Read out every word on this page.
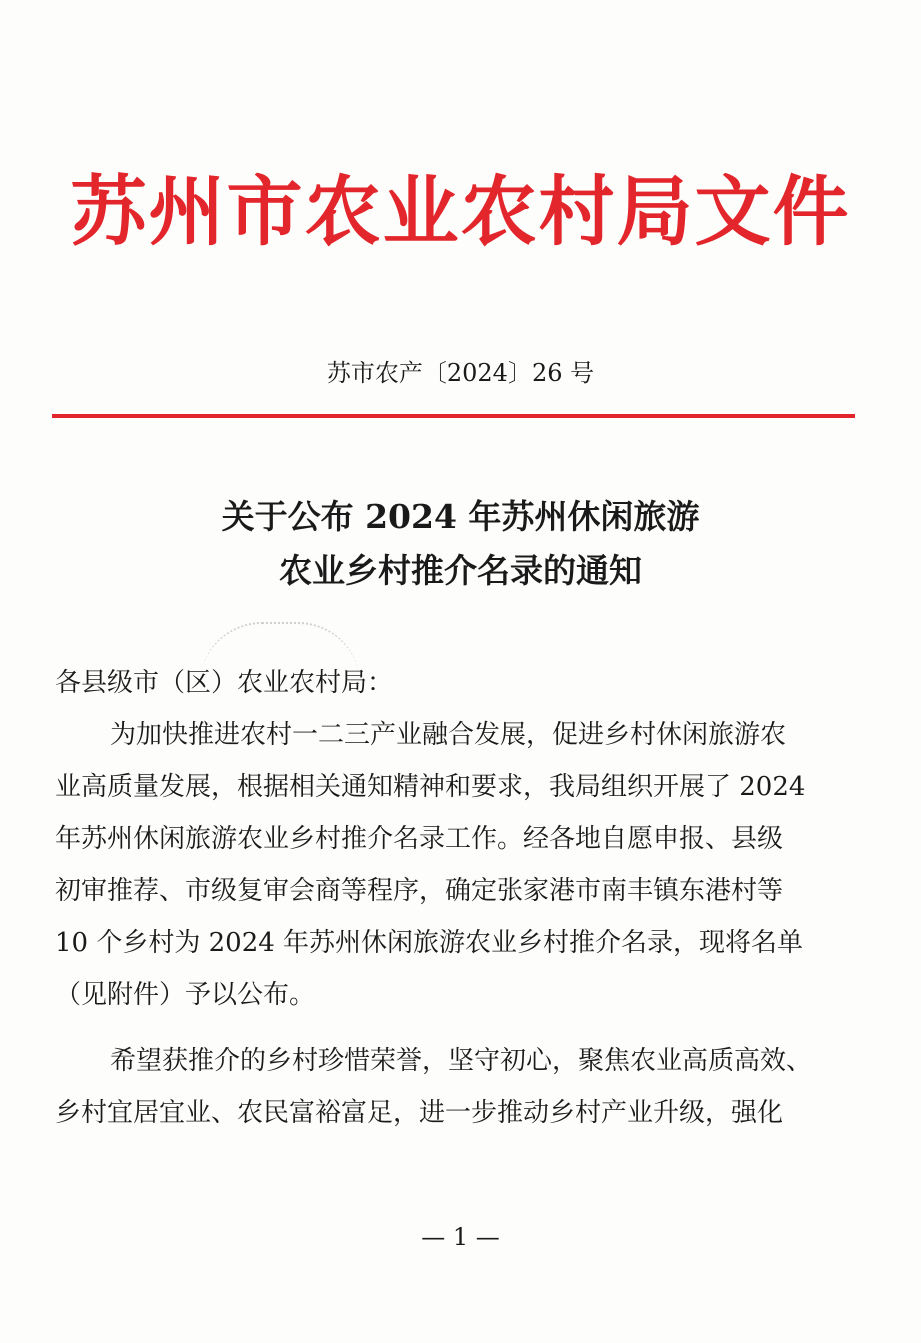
苏州市农业农村局文件
苏市农产〔2024〕26 号
关于公布 2024 年苏州休闲旅游
农业乡村推介名录的通知
各县级市（区）农业农村局：
为加快推进农村一二三产业融合发展，促进乡村休闲旅游农
业高质量发展，根据相关通知精神和要求，我局组织开展了 2024
年苏州休闲旅游农业乡村推介名录工作。经各地自愿申报、县级
初审推荐、市级复审会商等程序，确定张家港市南丰镇东港村等
10 个乡村为 2024 年苏州休闲旅游农业乡村推介名录，现将名单
（见附件）予以公布。
希望获推介的乡村珍惜荣誉，坚守初心，聚焦农业高质高效、
乡村宜居宜业、农民富裕富足，进一步推动乡村产业升级，强化
— 1 —
